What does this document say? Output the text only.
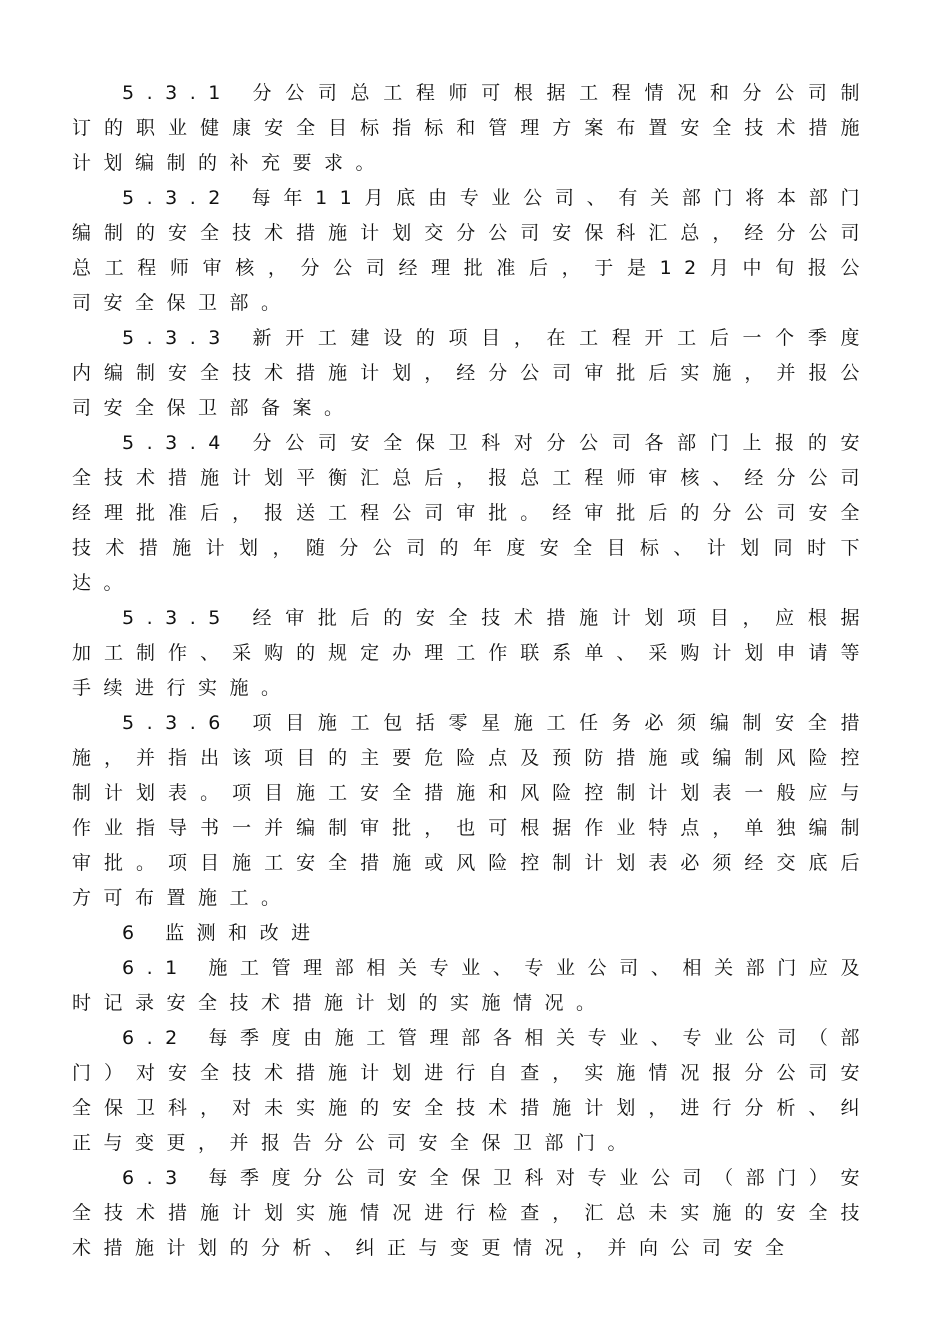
5.3.1 分公司总工程师可根据工程情况和分公司制订的职业健康安全目标指标和管理方案布置安全技术措施计划编制的补充要求。

5.3.2 每年11月底由专业公司、有关部门将本部门编制的安全技术措施计划交分公司安保科汇总，经分公司总工程师审核，分公司经理批准后，于是12月中旬报公司安全保卫部。

5.3.3 新开工建设的项目，在工程开工后一个季度内编制安全技术措施计划，经分公司审批后实施，并报公司安全保卫部备案。

5.3.4 分公司安全保卫科对分公司各部门上报的安全技术措施计划平衡汇总后，报总工程师审核、经分公司经理批准后，报送工程公司审批。经审批后的分公司安全技术措施计划，随分公司的年度安全目标、计划同时下达。

5.3.5 经审批后的安全技术措施计划项目，应根据加工制作、采购的规定办理工作联系单、采购计划申请等手续进行实施。

5.3.6 项目施工包括零星施工任务必须编制安全措施，并指出该项目的主要危险点及预防措施或编制风险控制计划表。项目施工安全措施和风险控制计划表一般应与作业指导书一并编制审批，也可根据作业特点，单独编制审批。项目施工安全措施或风险控制计划表必须经交底后方可布置施工。

6 监测和改进

6.1 施工管理部相关专业、专业公司、相关部门应及时记录安全技术措施计划的实施情况。

6.2 每季度由施工管理部各相关专业、专业公司（部门）对安全技术措施计划进行自查，实施情况报分公司安全保卫科，对未实施的安全技术措施计划，进行分析、纠正与变更，并报告分公司安全保卫部门。

6.3 每季度分公司安全保卫科对专业公司（部门）安全技术措施计划实施情况进行检查，汇总未实施的安全技术措施计划的分析、纠正与变更情况，并向公司安全
